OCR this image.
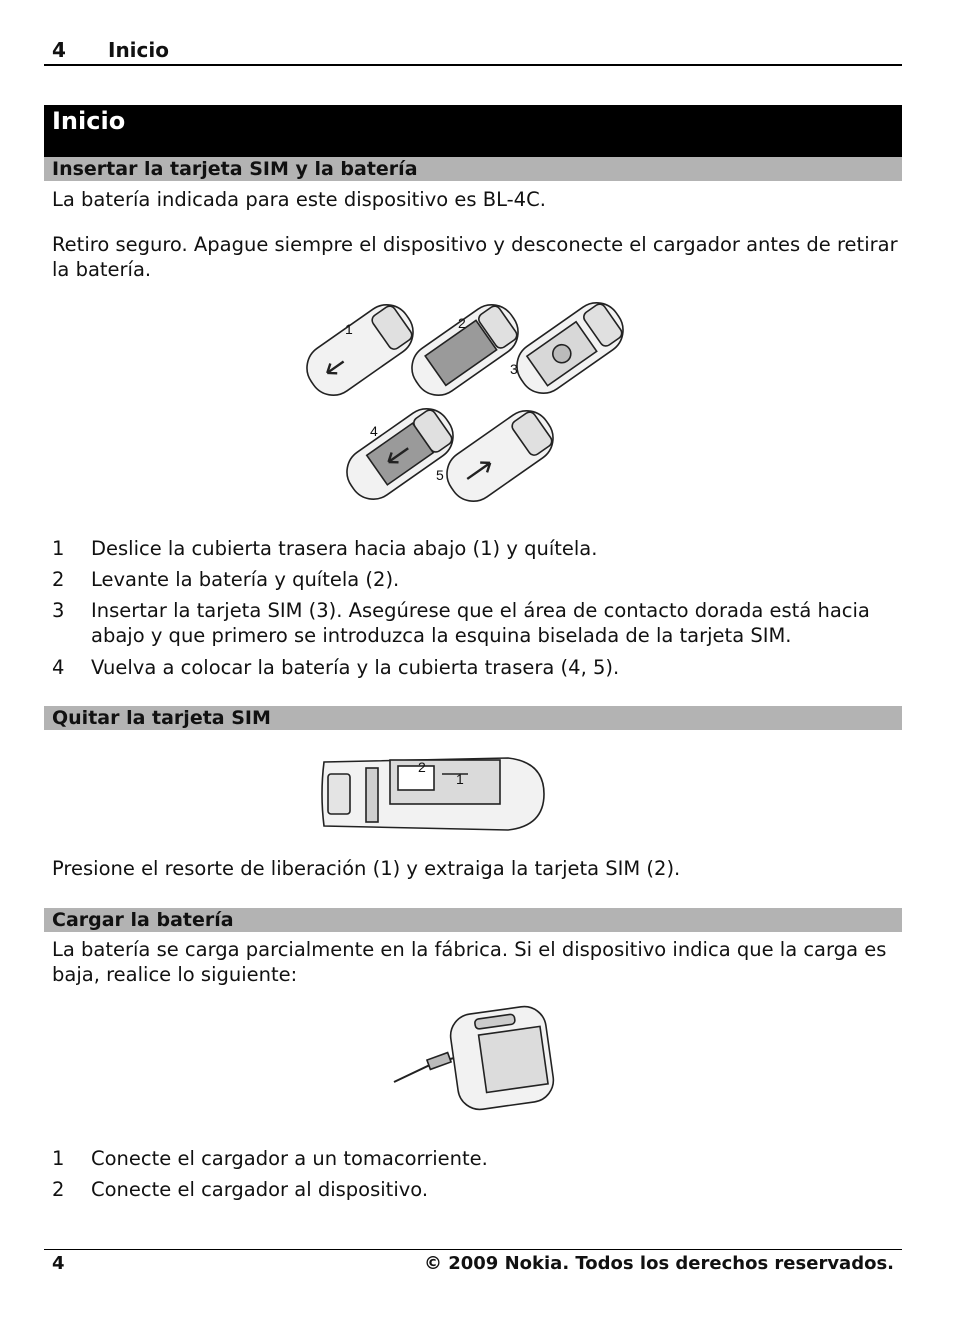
4 Inicio
Inicio
Insertar la tarjeta SIM y la batería
La batería indicada para este dispositivo es BL-4C.
Retiro seguro. Apague siempre el dispositivo y desconecte el cargador antes de retirar la batería.
1	2
3
4
5
1	Deslice la cubierta trasera hacia abajo (1) y quítela.
2	Levante la batería y quítela (2).
3	Insertar la tarjeta SIM (3). Asegúrese que el área de contacto dorada está hacia abajo y que primero se introduzca la esquina biselada de la tarjeta SIM.
4	Vuelva a colocar la batería y la cubierta trasera (4, 5).
Quitar la tarjeta SIM
2
1
Presione el resorte de liberación (1) y extraiga la tarjeta SIM (2).
Cargar la batería
La batería se carga parcialmente en la fábrica. Si el dispositivo indica que la carga es baja, realice lo siguiente:
1	Conecte el cargador a un tomacorriente.
2	Conecte el cargador al dispositivo.
4	© 2009 Nokia. Todos los derechos reservados.
